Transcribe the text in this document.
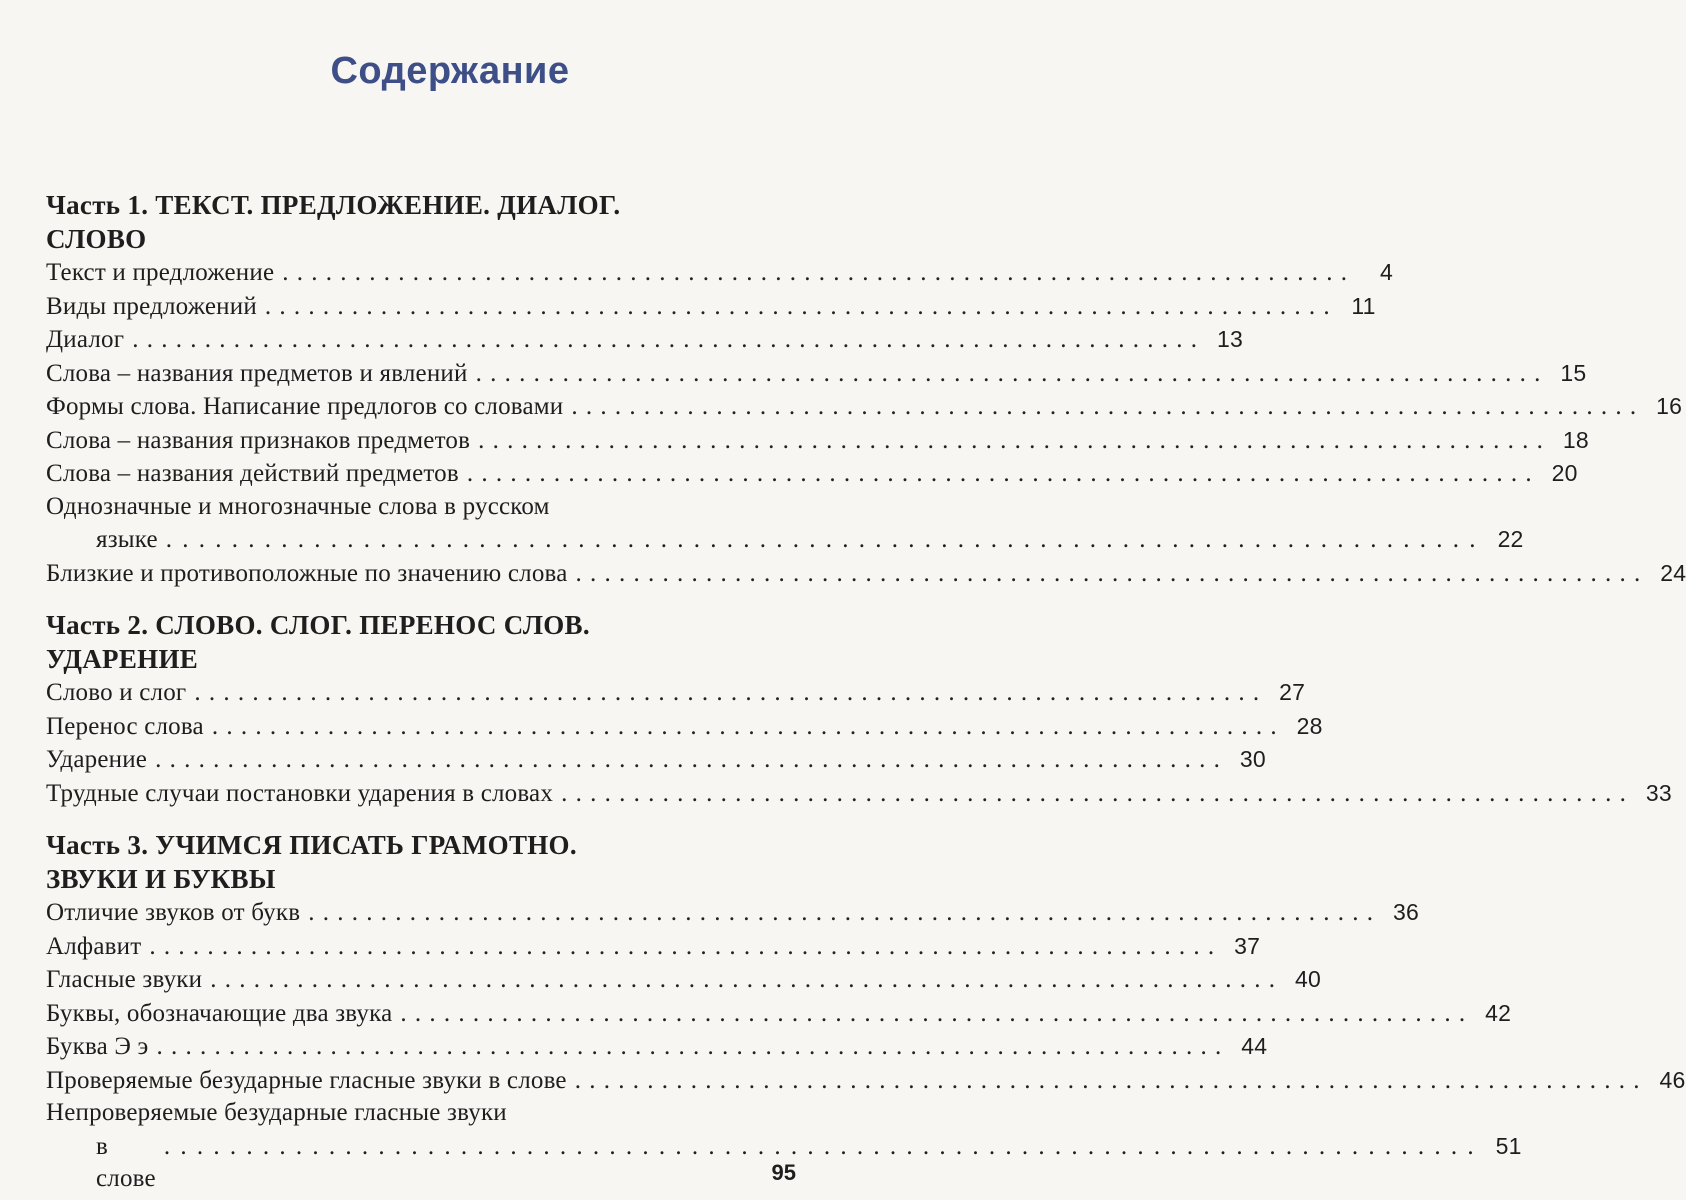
Содержание
Часть 1. ТЕКСТ. ПРЕДЛОЖЕНИЕ. ДИАЛОГ.
СЛОВО
Текст и предложение . . .	4
Виды предложений . . .	11
Диалог . . .	13
Слова – названия предметов и явлений . . .	15
Формы слова. Написание предлогов со словами . . .	16
Слова – названия признаков предметов . . .	18
Слова – названия действий предметов . . .	20
Однозначные и многозначные слова в русском
языке . . . . . . . . . . . . . . . . . . . . . . . . . . . . . . . . . . . . . . . . . . . . . . . . . . . . . . . . . . . . . . . . . . . . . . . . . . . . . . . . 22
Близкие и противоположные по значению слова . . .	24
Часть 2. СЛОВО. СЛОГ. ПЕРЕНОС СЛОВ.
УДАРЕНИЕ
Слово и слог . . .	27
Перенос слова . . .	28
Ударение . . .	30
Трудные случаи постановки ударения в словах . . .	33
Часть 3. УЧИМСЯ ПИСАТЬ ГРАМОТНО.
ЗВУКИ И БУКВЫ
Отличие звуков от букв . . .	36
Алфавит . . .	37
Гласные звуки . . .	40
Буквы, обозначающие два звука . . .	42
Буква Э э . . .	44
Проверяемые безударные гласные звуки в слове . . .	46
Непроверяемые безударные гласные звуки
в слове
. . . . . . . . . . . . . . . . . . . . . . . . . . . . . . . . . . . . . . . . . . . . . . . . . . . . . . . . . . . . . . . . . . . . . . . . . . . . . . . . 51
95
